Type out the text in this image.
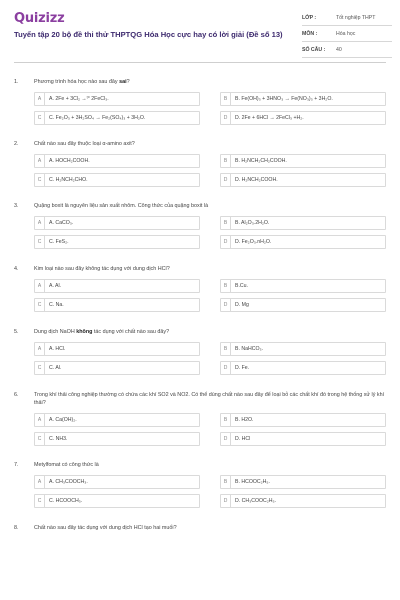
Quizizz
Tuyển tập 20 bộ đề thi thử THPTQG Hóa Học cực hay có lời giải (Đề số 13)
LỚP :	Tốt nghiệp THPT
MÔN :	Hóa học
SỐ CÂU :	40
1.	Phương trình hóa học nào sau đây sai?
A	A. 2Fe + 3Cl₂ →ᵗ° 2FeCl₃.	B	B. Fe(OH)₃ + 3HNO₃ → Fe(NO₃)₃ + 3H₂O.
C	C. Fe₂O₃ + 3H₂SO₄ → Fe₂(SO₄)₃ + 3H₂O.	D	D. 2Fe + 6HCl → 2FeCl₃ +H₂.
2.	Chất nào sau đây thuộc loại α-amino axit?
A	A. HOCH₂COOH.	B	B. H₂NCH₂CH₂COOH.
C	C. H₂NCH₂CHO.	D	D. H₂NCH₂COOH.
3.	Quặng boxit là nguyên liệu sản xuất nhôm. Công thức của quặng boxit là
A	A. CaCO₃.	B	B. Al₂O₃.2H₂O.
C	C. FeS₂.	D	D. Fe₂O₃.nH₂O.
4.	Kim loại nào sau đây không tác dụng với dung dịch HCl?
A	A. Al.	B	B.Cu.
C	C. Na.	D	D. Mg
5.	Dung dịch NaOH không tác dụng với chất nào sau đây?
A	A. HCl.	B	B. NaHCO₃.
C	C. Al.	D	D. Fe.
6.	Trong khí thải công nghiệp thường có chứa các khí SO2 và NO2. Có thể dùng chất nào sau đây để loại bỏ các chất khí đó trong hệ thống xử lý khí thải?
A	A. Ca(OH)₂.	B	B. H2O.
C	C. NH3.	D	D. HCl
7.	Metylfomat có công thức là
A	A. CH₃COOCH₃.	B	B. HCOOC₂H₅.
C	C. HCOOCH₃.	D	D. CH₃COOC₂H₅.
8.	Chất nào sau đây tác dụng với dung dịch HCl tạo hai muối?
